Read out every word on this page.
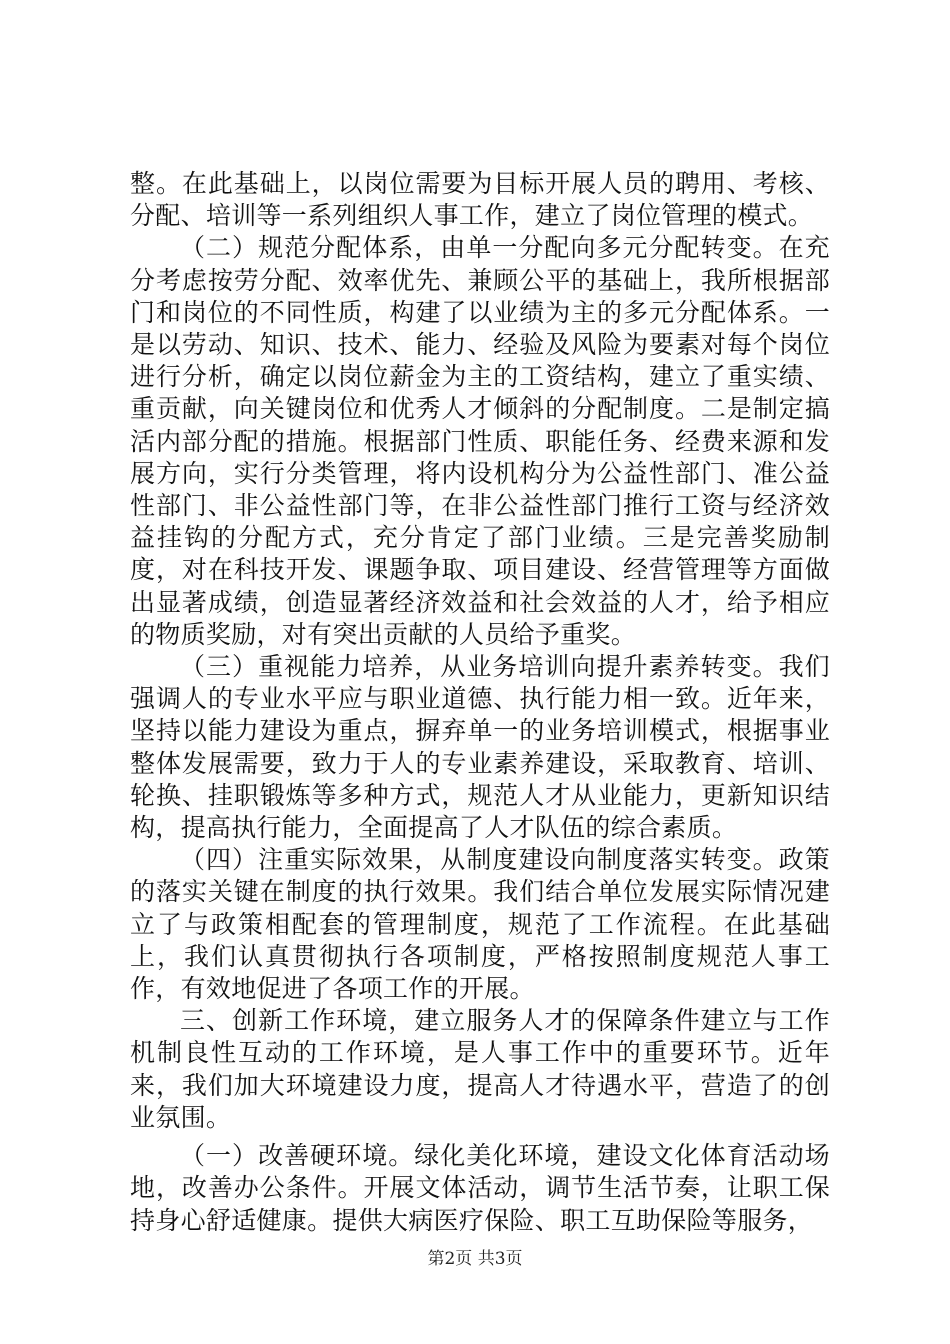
整。在此基础上，以岗位需要为目标开展人员的聘用、考核、分配、培训等一系列组织人事工作，建立了岗位管理的模式。

（二）规范分配体系，由单一分配向多元分配转变。在充分考虑按劳分配、效率优先、兼顾公平的基础上，我所根据部门和岗位的不同性质，构建了以业绩为主的多元分配体系。一是以劳动、知识、技术、能力、经验及风险为要素对每个岗位进行分析，确定以岗位薪金为主的工资结构，建立了重实绩、重贡献，向关键岗位和优秀人才倾斜的分配制度。二是制定搞活内部分配的措施。根据部门性质、职能任务、经费来源和发展方向，实行分类管理，将内设机构分为公益性部门、准公益性部门、非公益性部门等，在非公益性部门推行工资与经济效益挂钩的分配方式，充分肯定了部门业绩。三是完善奖励制度，对在科技开发、课题争取、项目建设、经营管理等方面做出显著成绩，创造显著经济效益和社会效益的人才，给予相应的物质奖励，对有突出贡献的人员给予重奖。

（三）重视能力培养，从业务培训向提升素养转变。我们强调人的专业水平应与职业道德、执行能力相一致。近年来，坚持以能力建设为重点，摒弃单一的业务培训模式，根据事业整体发展需要，致力于人的专业素养建设，采取教育、培训、轮换、挂职锻炼等多种方式，规范人才从业能力，更新知识结构，提高执行能力，全面提高了人才队伍的综合素质。

（四）注重实际效果，从制度建设向制度落实转变。政策的落实关键在制度的执行效果。我们结合单位发展实际情况建立了与政策相配套的管理制度，规范了工作流程。在此基础上，我们认真贯彻执行各项制度，严格按照制度规范人事工作，有效地促进了各项工作的开展。

三、创新工作环境，建立服务人才的保障条件建立与工作机制良性互动的工作环境，是人事工作中的重要环节。近年来，我们加大环境建设力度，提高人才待遇水平，营造了的创业氛围。

（一）改善硬环境。绿化美化环境，建设文化体育活动场地，改善办公条件。开展文体活动，调节生活节奏，让职工保持身心舒适健康。提供大病医疗保险、职工互助保险等服务，

第2页 共3页
